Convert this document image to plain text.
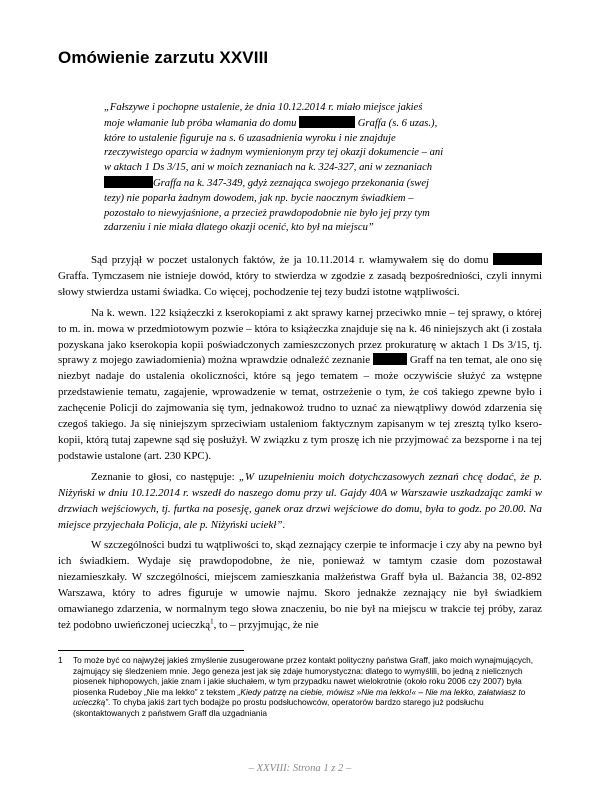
Omówienie zarzutu XXVIII
„Fałszywe i pochopne ustalenie, że dnia 10.12.2014 r. miało miejsce jakieś
moje włamanie lub próba włamania do domu	Graffa (s. 6 uzas.),
które to ustalenie figuruje na s. 6 uzasadnienia wyroku i nie znajduje
rzeczywistego oparcia w żadnym wymienionym przy tej okazji dokumencie – ani
w aktach 1 Ds 3/15, ani w moich zeznaniach na k. 324-327, ani w zeznaniach
Graffa na k. 347-349, gdyż zeznająca swojego przekonania (swej
tezy) nie poparła żadnym dowodem, jak np. bycie naocznym świadkiem –
pozostało to niewyjaśnione, a przecież prawdopodobnie nie było jej przy tym
zdarzeniu i nie miała dlatego okazji ocenić, kto był na miejscu”

Sąd przyjął w poczet ustalonych faktów, że ja 10.11.2014 r. włamywałem się do domu  Graffa. Tymczasem nie istnieje dowód, który to stwierdza w zgodzie z zasadą bezpośredniości, czyli innymi słowy stwierdza ustami świadka. Co więcej, pochodzenie tej tezy budzi istotne wątpliwości.

Na k. wewn. 122 książeczki z kserokopiami z akt sprawy karnej przeciwko mnie – tej sprawy, o której to m. in. mowa w przedmiotowym pozwie – która to książeczka znajduje się na k. 46 niniejszych akt (i została pozyskana jako kserokopia kopii poświadczonych zamieszczonych przez prokuraturę w aktach 1 Ds 3/15, tj. sprawy z mojego zawiadomienia) można wprawdzie odnaleźć zeznanie	Graff na ten temat, ale ono się niezbyt nadaje do ustalenia okoliczności, które są jego tematem – może oczywiście służyć za wstępne przedstawienie tematu, zagajenie, wprowadzenie w temat, ostrzeżenie o tym, że coś takiego zpewne było i zachęcenie Policji do zajmowania się tym, jednakowoż trudno to uznać za niewątpliwy dowód zdarzenia się czegoś takiego. Ja się niniejszym sprzeciwiam ustaleniom faktycznym zapisanym w tej zresztą tylko kserokopii, którą tutaj zapewne sąd się posłużył. W związku z tym proszę ich nie przyjmować za bezsporne i na tej podstawie ustalone (art. 230 KPC).

Zeznanie to głosi, co następuje: „W uzupełnieniu moich dotychczasowych zeznań chcę dodać, że p. Niżyński w dniu 10.12.2014 r. wszedł do naszego domu przy ul. Gajdy 40A w Warszawie uszkadzając zamki w drzwiach wejściowych, tj. furtka na posesję, ganek oraz drzwi wejściowe do domu, była to godz. po 20.00. Na miejsce przyjechała Policja, ale p. Niżyński uciekł”.

W szczególności budzi tu wątpliwości to, skąd zeznający czerpie te informacje i czy aby na pewno był ich świadkiem. Wydaje się prawdopodobne, że nie, ponieważ w tamtym czasie dom pozostawał niezamieszkały. W szczególności, miejscem zamieszkania małżeństwa Graff była ul. Bażancia 38, 02-892 Warszawa, który to adres figuruje w umowie najmu. Skoro jednakże zeznający nie był świadkiem omawianego zdarzenia, w normalnym tego słowa znaczeniu, bo nie był na miejscu w trakcie tej próby, zaraz też podobno uwieńczonej ucieczką$^1$, to – przyjmując, że nie

1 To może być co najwyżej jakieś zmyślenie zusugerowane przez kontakt polityczny państwa Graff, jako moich wynajmujących, zajmujący się śledzeniem mnie. Jego geneza jest jak się zdaje humorystyczna: dlatego to wymyślili, bo jedną z nielicznych piosenek hiphopowych, jakie znam i jakie słuchałem, w tym przypadku nawet wielokrotnie (około roku 2006 czy 2007) była piosenka Rudeboy „Nie ma lekko” z tekstem „Kiedy patrzę na ciebie, mówisz »Nie ma lekko!« – Nie ma lekko, załatwiasz to ucieczką”. To chyba jakiś żart tych bodajże po prostu podsłuchowców, operatorów bardzo starego już podsłuchu (skontaktowanych z państwem Graff dla uzgadniania
– XXVIII: Strona 1 z 2 –
